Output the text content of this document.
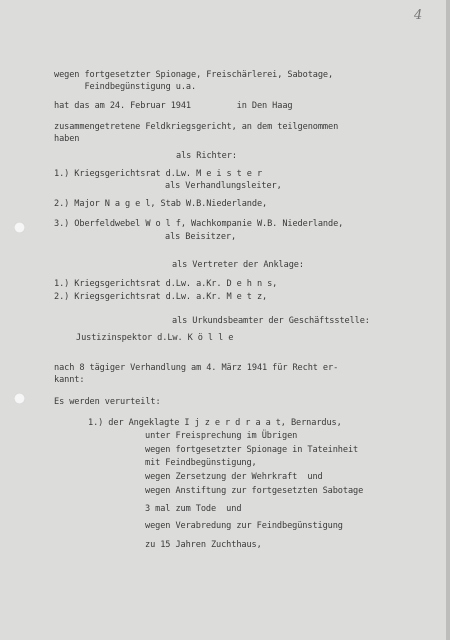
4
wegen fortgesetzter Spionage, Freischärlerei, Sabotage,
Feindbegünstigung u.a.
hat das am 24. Februar 1941         in Den Haag
zusammengetretene Feldkriegsgericht, an dem teilgenommen
haben
als Richter:
1.) Kriegsgerichtsrat d.Lw. M e i s t e r
als Verhandlungsleiter,
2.) Major N a g e l, Stab W.B.Niederlande,
3.) Oberfeldwebel W o l f, Wachkompanie W.B. Niederlande,
als Beisitzer,
als Vertreter der Anklage:
1.) Kriegsgerichtsrat d.Lw. a.Kr. D e h n s,
2.) Kriegsgerichtsrat d.Lw. a.Kr. M e t z,
als Urkundsbeamter der Geschäftsstelle:
Justizinspektor d.Lw. K ö l l e
nach 8 tägiger Verhandlung am 4. März 1941 für Recht er-
kannt:
Es werden verurteilt:
1.) der Angeklagte I j z e r d r a a t, Bernardus,
unter Freisprechung im Übrigen
wegen fortgesetzter Spionage in Tateinheit
mit Feindbegünstigung,
wegen Zersetzung der Wehrkraft  und
wegen Anstiftung zur fortgesetzten Sabotage
3 mal zum Tode  und
wegen Verabredung zur Feindbegünstigung
zu 15 Jahren Zuchthaus,
